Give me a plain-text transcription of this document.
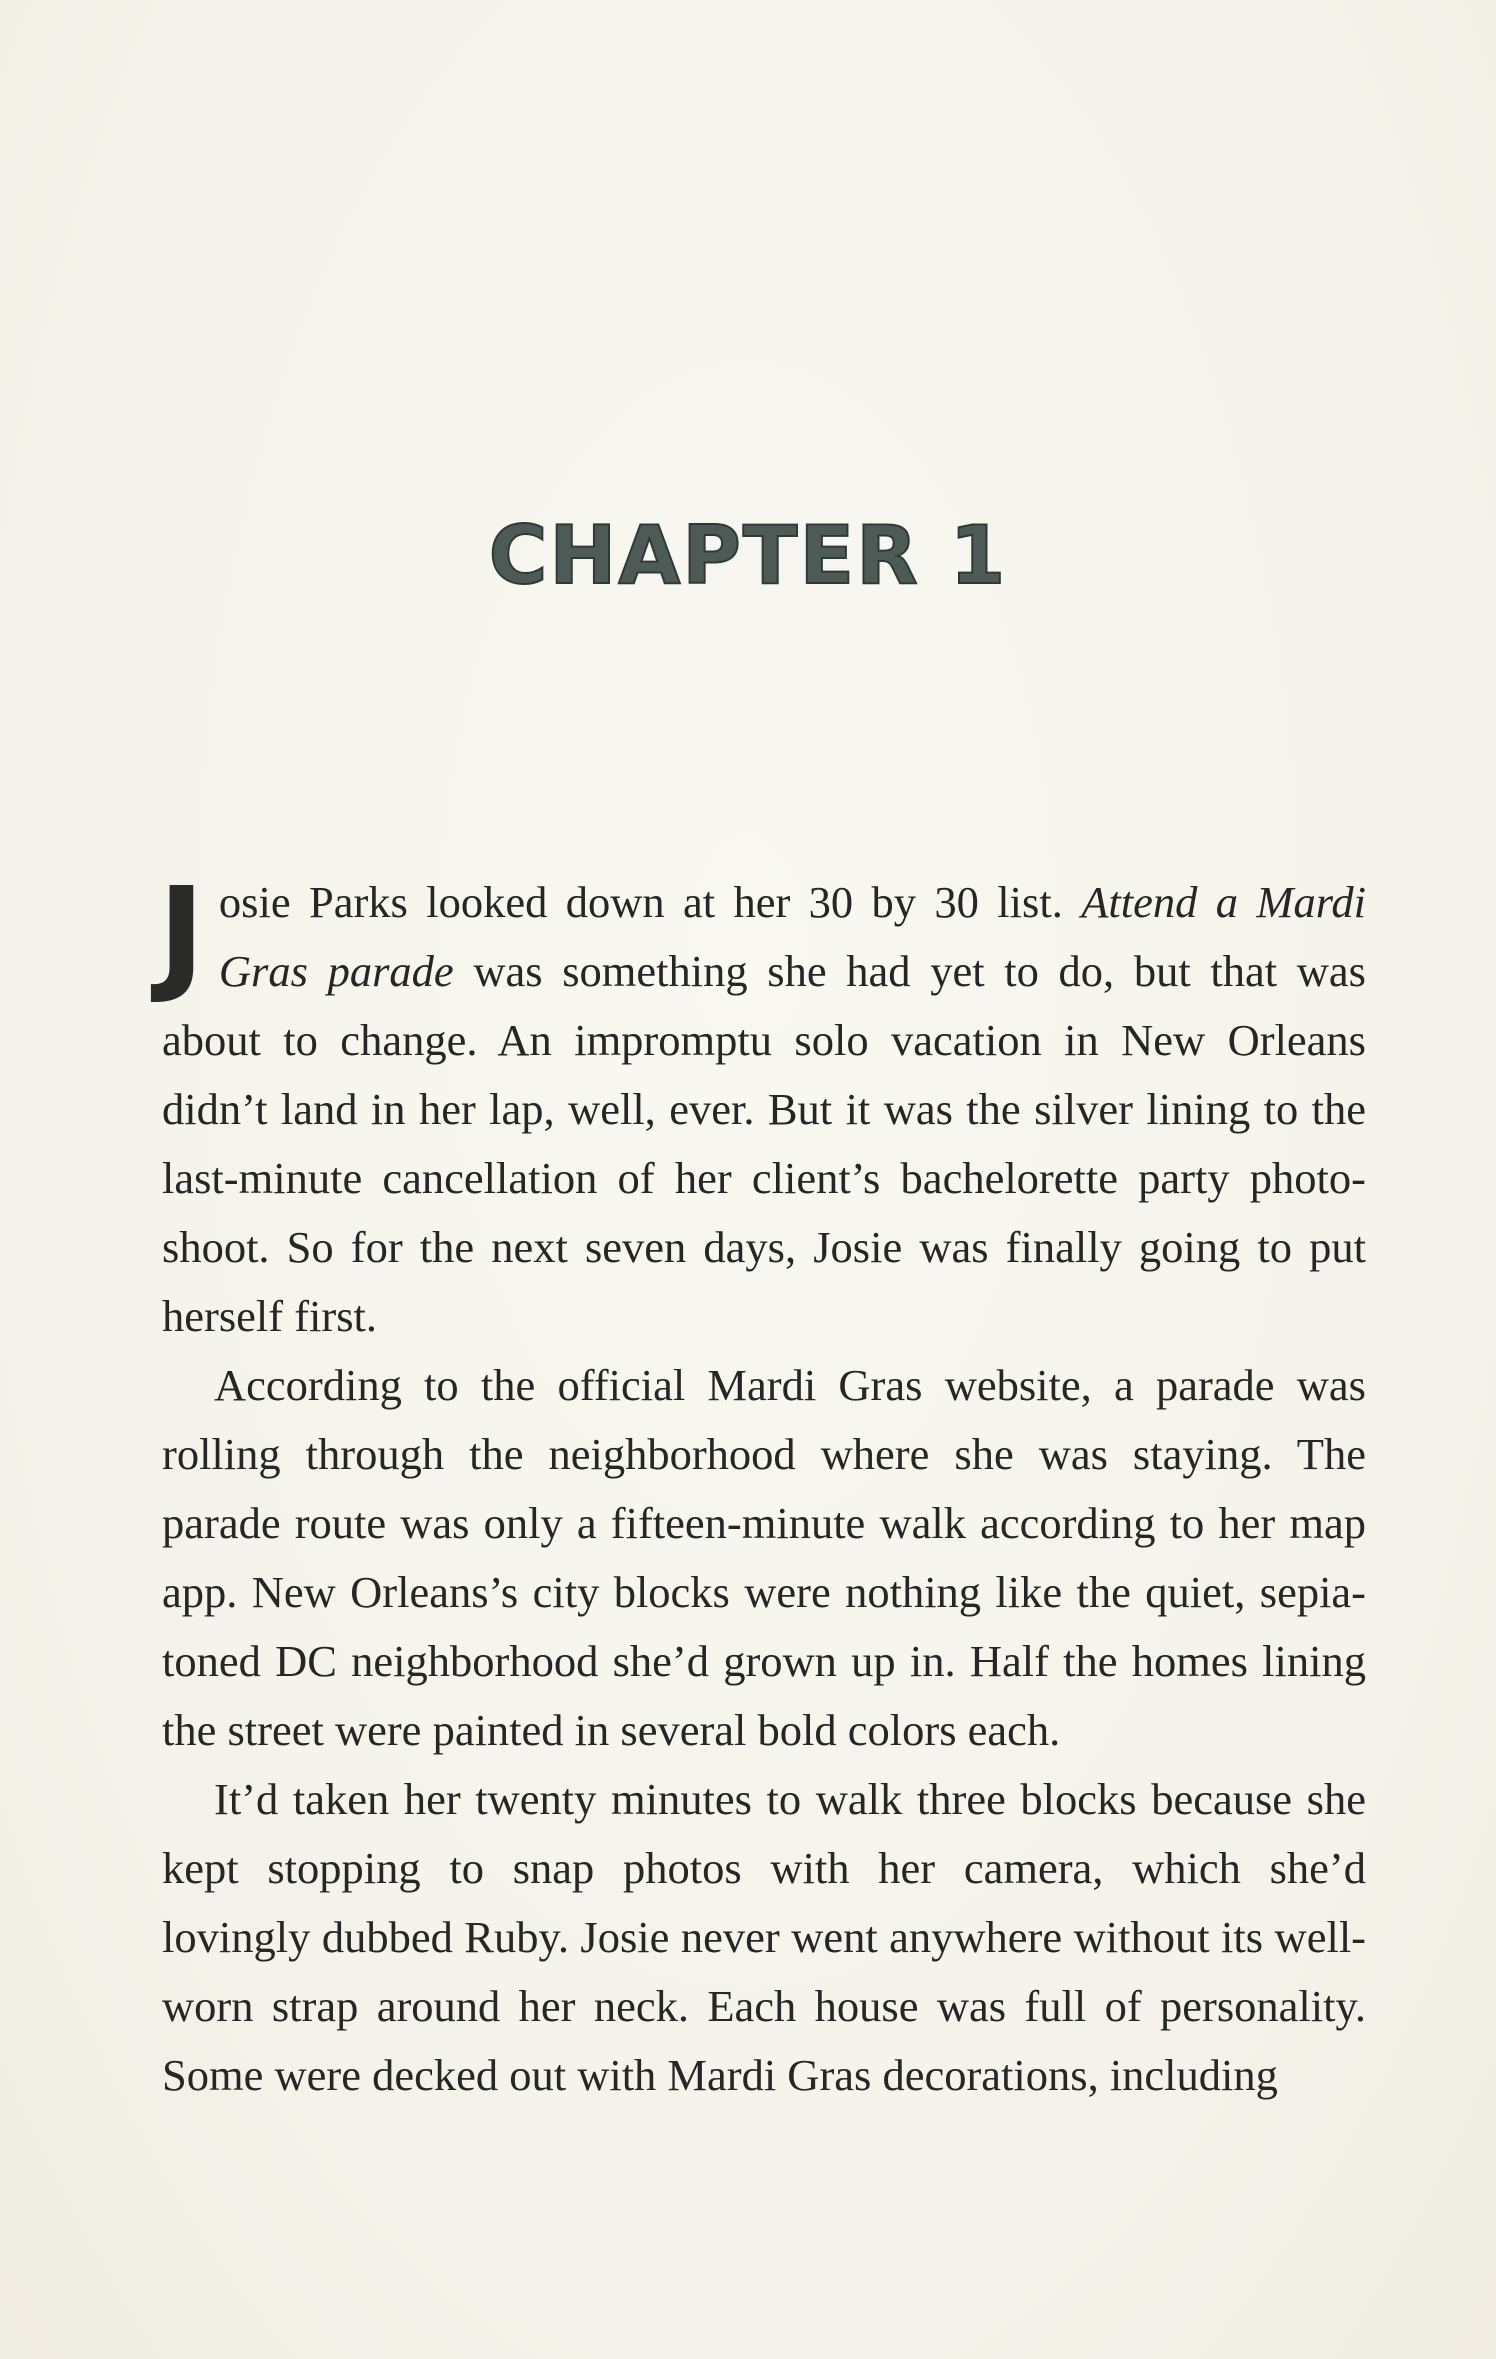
CHAPTER 1

Josie Parks looked down at her 30 by 30 list. Attend a Mardi Gras parade was something she had yet to do, but that was about to change. An impromptu solo vacation in New Orleans didn’t land in her lap, well, ever. But it was the silver lining to the last-minute cancellation of her client’s bachelorette party photo-shoot. So for the next seven days, Josie was finally going to put herself first.

According to the official Mardi Gras website, a parade was rolling through the neighborhood where she was staying. The parade route was only a fifteen-minute walk according to her map app. New Orleans’s city blocks were nothing like the quiet, sepia-toned DC neighborhood she’d grown up in. Half the homes lining the street were painted in several bold colors each.

It’d taken her twenty minutes to walk three blocks because she kept stopping to snap photos with her camera, which she’d lovingly dubbed Ruby. Josie never went anywhere without its well-worn strap around her neck. Each house was full of personality. Some were decked out with Mardi Gras decorations, including
